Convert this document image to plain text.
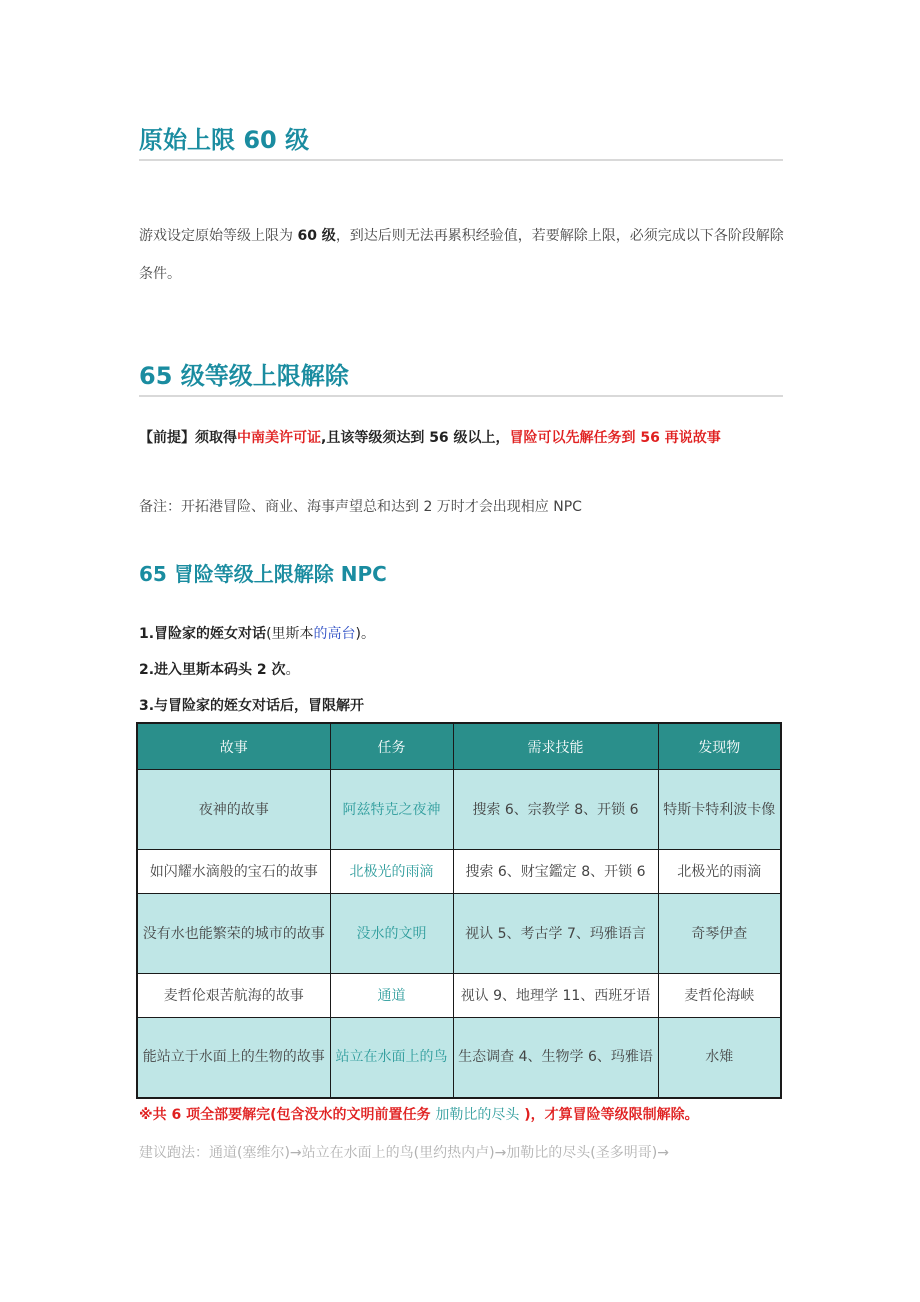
原始上限 60 级
游戏设定原始等级上限为 60 级，到达后则无法再累积经验值，若要解除上限，必须完成以下各阶段解除条件。
65 级等级上限解除
【前提】须取得中南美许可证,且该等级须达到 56 级以上，冒险可以先解任务到 56 再说故事
备注：开拓港冒险、商业、海事声望总和达到 2 万时才会出现相应 NPC
65 冒险等级上限解除 NPC
1.冒险家的姪女对话(里斯本的高台)。
2.进入里斯本码头 2 次。
3.与冒险家的姪女对话后，冒限解开
故事	任务	需求技能	发现物
夜神的故事	阿兹特克之夜神	搜索 6、宗教学 8、开锁 6	特斯卡特利波卡像
如闪耀水滴般的宝石的故事	北极光的雨滴	搜索 6、财宝鑑定 8、开锁 6	北极光的雨滴
没有水也能繁荣的城市的故事	没水的文明	视认 5、考古学 7、玛雅语言	奇琴伊查
麦哲伦艰苦航海的故事	通道	视认 9、地理学 11、西班牙语	麦哲伦海峡
能站立于水面上的生物的故事	站立在水面上的鸟	生态调查 4、生物学 6、玛雅语	水雉
※共 6 项全部要解完(包含没水的文明前置任务 加勒比的尽头 )，才算冒险等级限制解除。
建议跑法：通道(塞维尔)→站立在水面上的鸟(里约热内卢)→加勒比的尽头(圣多明哥)→
